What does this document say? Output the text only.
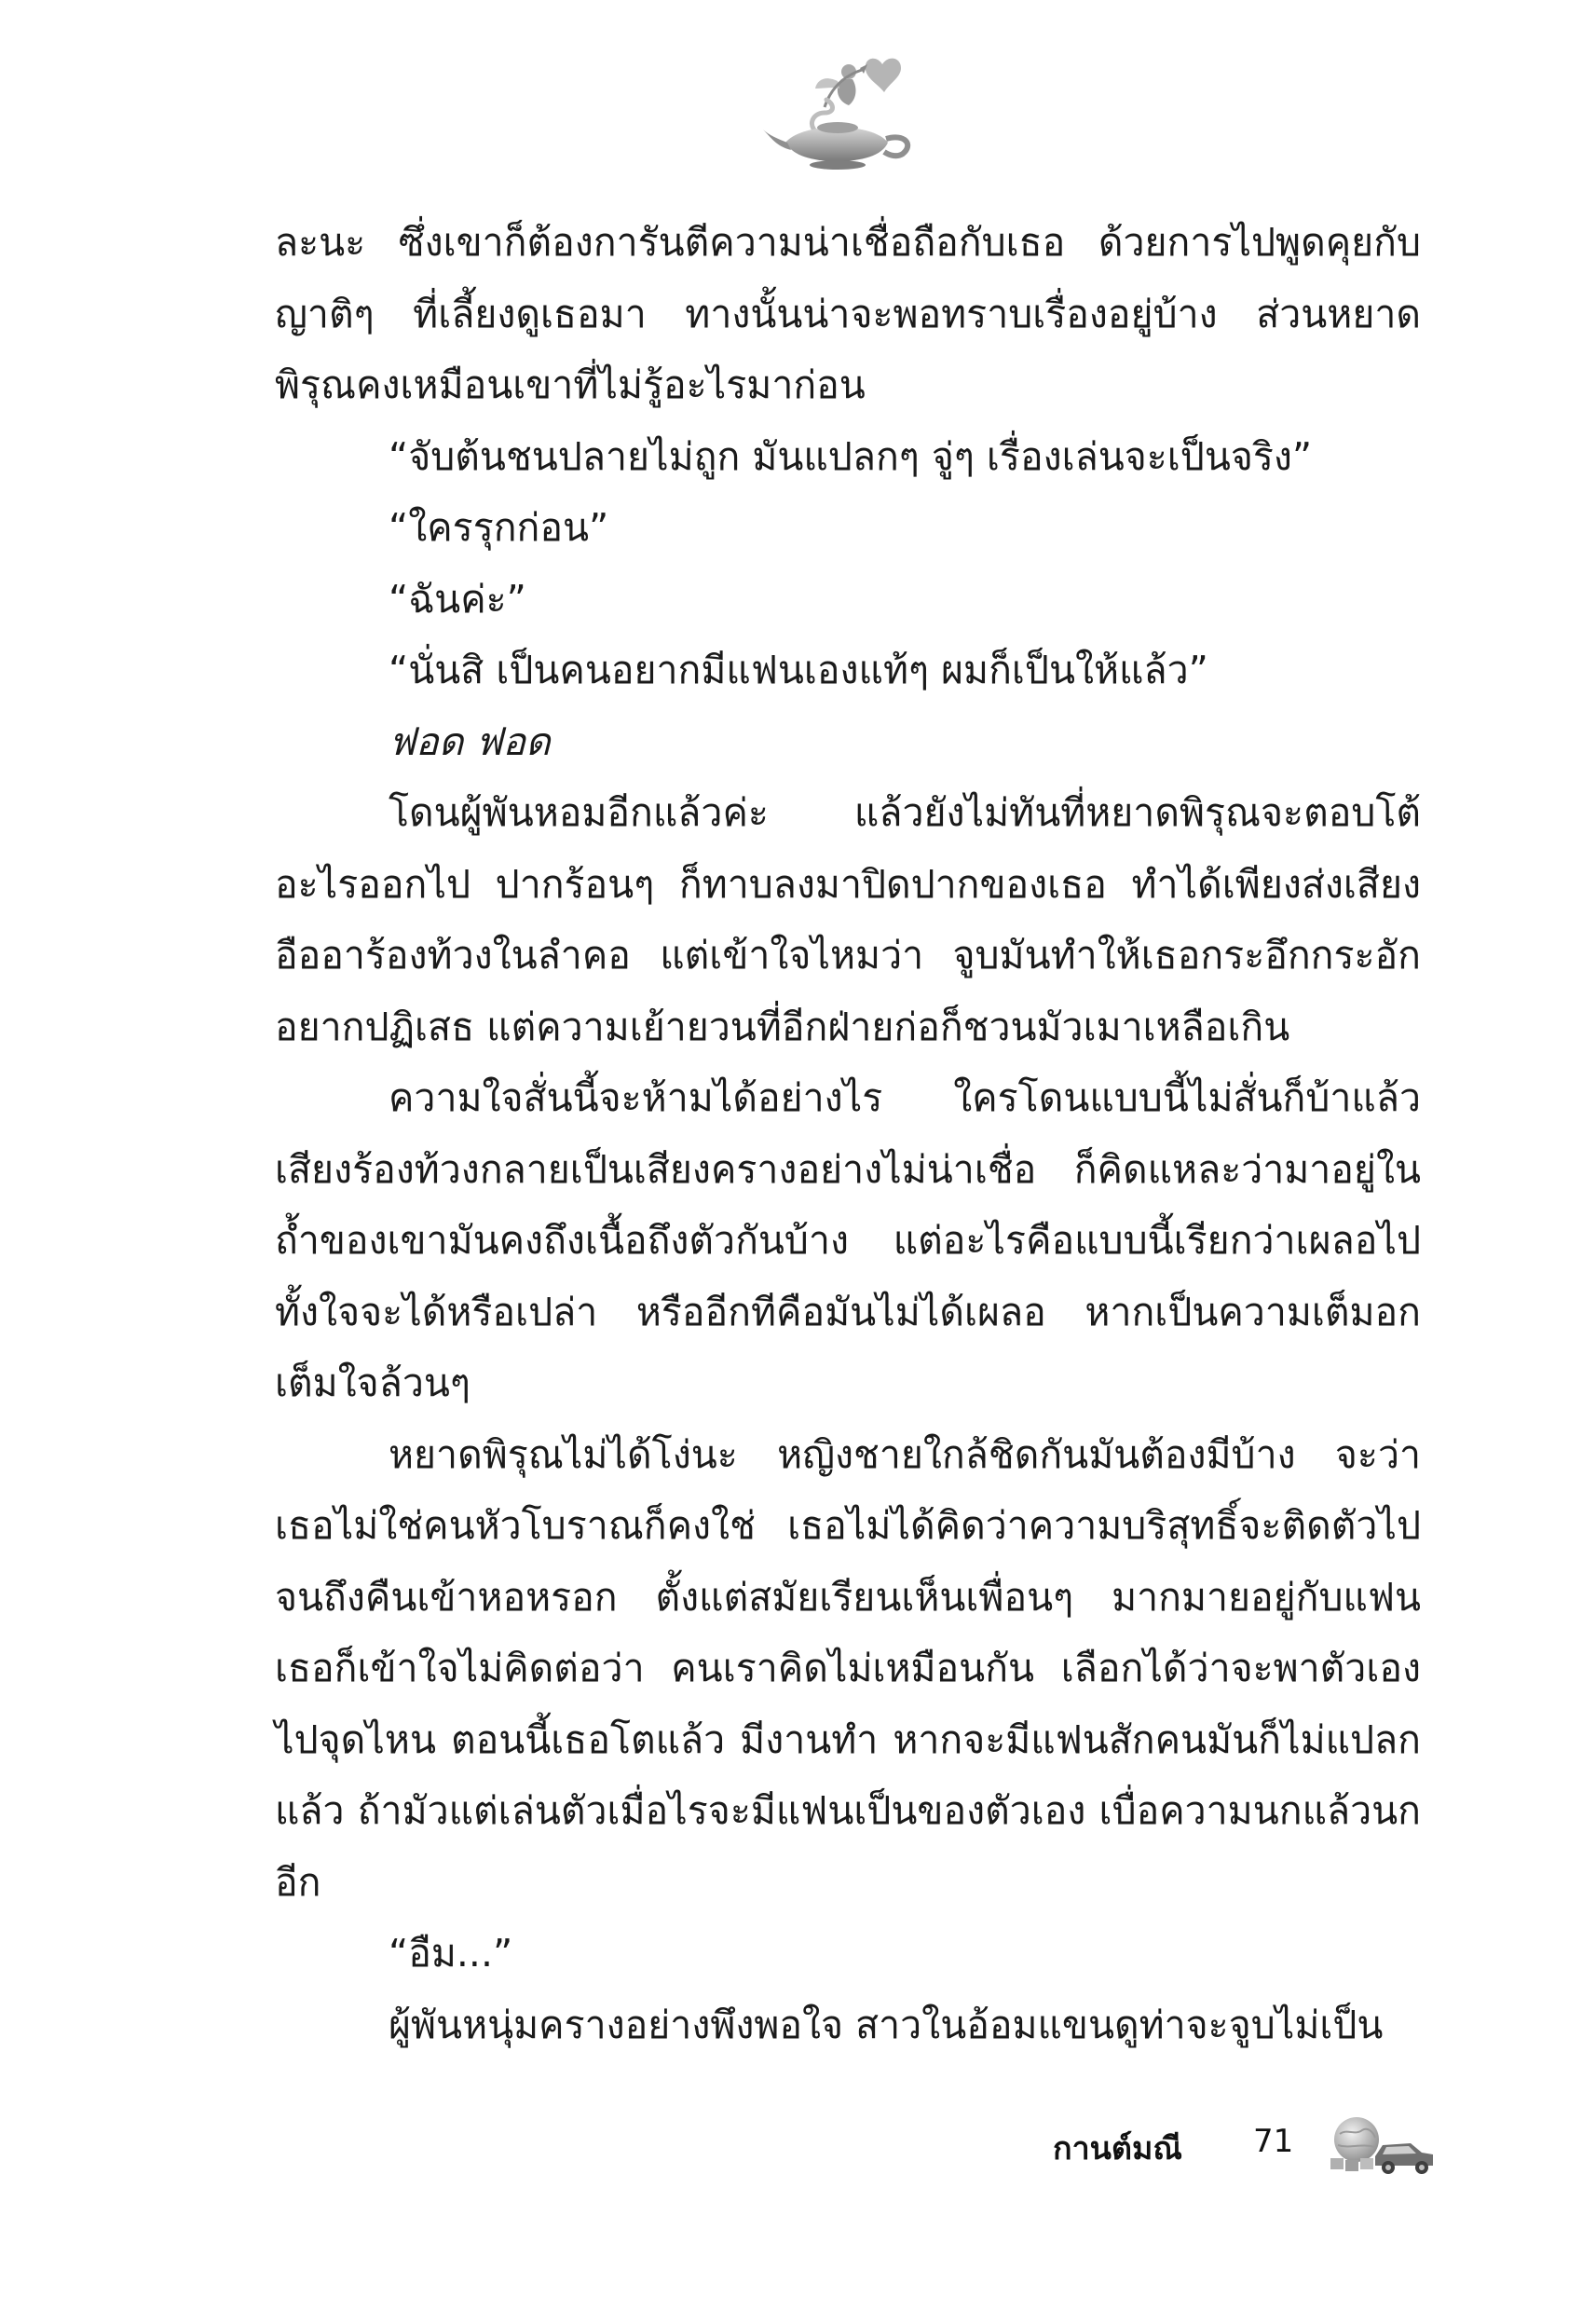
ละนะ ซึ่งเขาก็ต้องการันตีความน่าเชื่อถือกับเธอ ด้วยการไปพูดคุยกับญาติๆ ที่เลี้ยงดูเธอมา ทางนั้นน่าจะพอทราบเรื่องอยู่บ้าง ส่วนหยาดพิรุณคงเหมือนเขาที่ไม่รู้อะไรมาก่อน

“จับต้นชนปลายไม่ถูก มันแปลกๆ จู่ๆ เรื่องเล่นจะเป็นจริง”

“ใครรุกก่อน”

“ฉันค่ะ”

“นั่นสิ เป็นคนอยากมีแฟนเองแท้ๆ ผมก็เป็นให้แล้ว”

ฟอด ฟอด

โดนผู้พันหอมอีกแล้วค่ะ แล้วยังไม่ทันที่หยาดพิรุณจะตอบโต้อะไรออกไป ปากร้อนๆ ก็ทาบลงมาปิดปากของเธอ ทำได้เพียงส่งเสียงอืออาร้องท้วงในลำคอ แต่เข้าใจไหมว่า จูบมันทำให้เธอกระอึกกระอักอยากปฏิเสธ แต่ความเย้ายวนที่อีกฝ่ายก่อก็ชวนมัวเมาเหลือเกิน

ความใจสั่นนี้จะห้ามได้อย่างไร ใครโดนแบบนี้ไม่สั่นก็บ้าแล้ว เสียงร้องท้วงกลายเป็นเสียงครางอย่างไม่น่าเชื่อ ก็คิดแหละว่ามาอยู่ในถ้ำของเขามันคงถึงเนื้อถึงตัวกันบ้าง แต่อะไรคือแบบนี้เรียกว่าเผลอไปทั้งใจจะได้หรือเปล่า หรืออีกทีคือมันไม่ได้เผลอ หากเป็นความเต็มอกเต็มใจล้วนๆ

หยาดพิรุณไม่ได้โง่นะ หญิงชายใกล้ชิดกันมันต้องมีบ้าง จะว่าเธอไม่ใช่คนหัวโบราณก็คงใช่ เธอไม่ได้คิดว่าความบริสุทธิ์จะติดตัวไปจนถึงคืนเข้าหอหรอก ตั้งแต่สมัยเรียนเห็นเพื่อนๆ มากมายอยู่กับแฟน เธอก็เข้าใจไม่คิดต่อว่า คนเราคิดไม่เหมือนกัน เลือกได้ว่าจะพาตัวเองไปจุดไหน ตอนนี้เธอโตแล้ว มีงานทำ หากจะมีแฟนสักคนมันก็ไม่แปลกแล้ว ถ้ามัวแต่เล่นตัวเมื่อไรจะมีแฟนเป็นของตัวเอง เบื่อความนกแล้วนกอีก

“อืม...”

ผู้พันหนุ่มครางอย่างพึงพอใจ สาวในอ้อมแขนดูท่าจะจูบไม่เป็น

กานต์มณี 71
